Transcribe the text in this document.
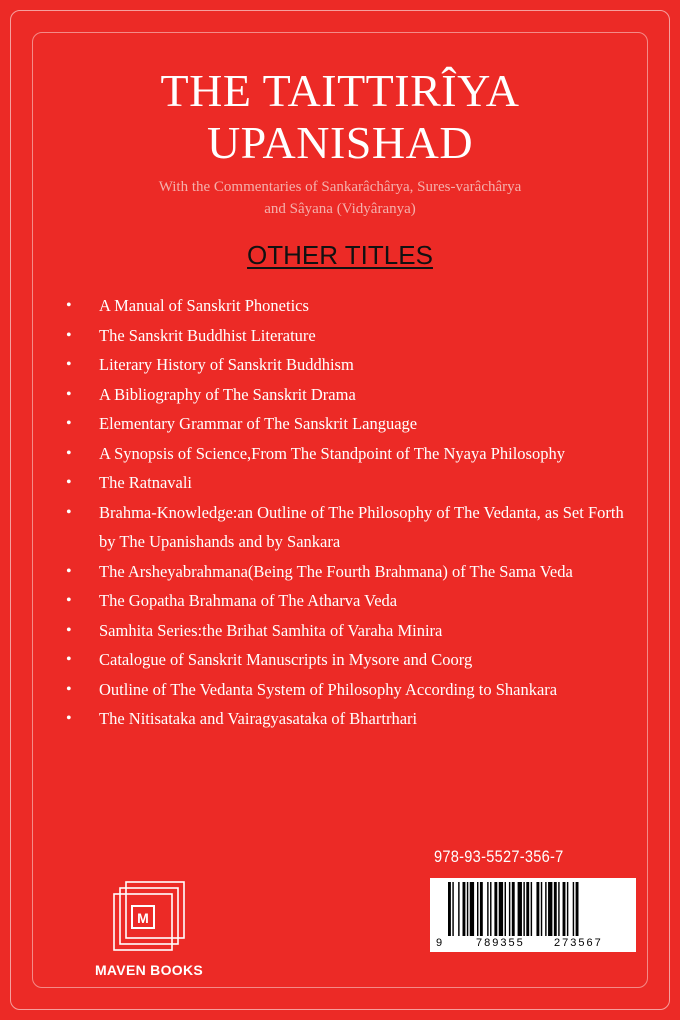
THE TAITTIRÎYA
UPANISHAD
With the Commentaries of Sankarâchârya, Sures-varâchârya and Sâyana (Vidyâranya)
OTHER TITLES
• A Manual of Sanskrit Phonetics
• The Sanskrit Buddhist Literature
• Literary History of Sanskrit Buddhism
• A Bibliography of The Sanskrit Drama
• Elementary Grammar of The Sanskrit Language
• A Synopsis of Science,From The Standpoint of The Nyaya Philosophy
• The Ratnavali
• Brahma-Knowledge:an Outline of The Philosophy of The Vedanta, as Set Forth by The Upanishands and by Sankara
• The Arsheyabrahmana(Being The Fourth Brahmana) of The Sama Veda
• The Gopatha Brahmana of The Atharva Veda
• Samhita Series:the Brihat Samhita of Varaha Minira
• Catalogue of Sanskrit Manuscripts in Mysore and Coorg
• Outline of The Vedanta System of Philosophy According to Shankara
• The Nitisataka and Vairagyasataka of Bhartrhari
978-93-5527-356-7
9	789355	273567
M
MAVEN BOOKS
